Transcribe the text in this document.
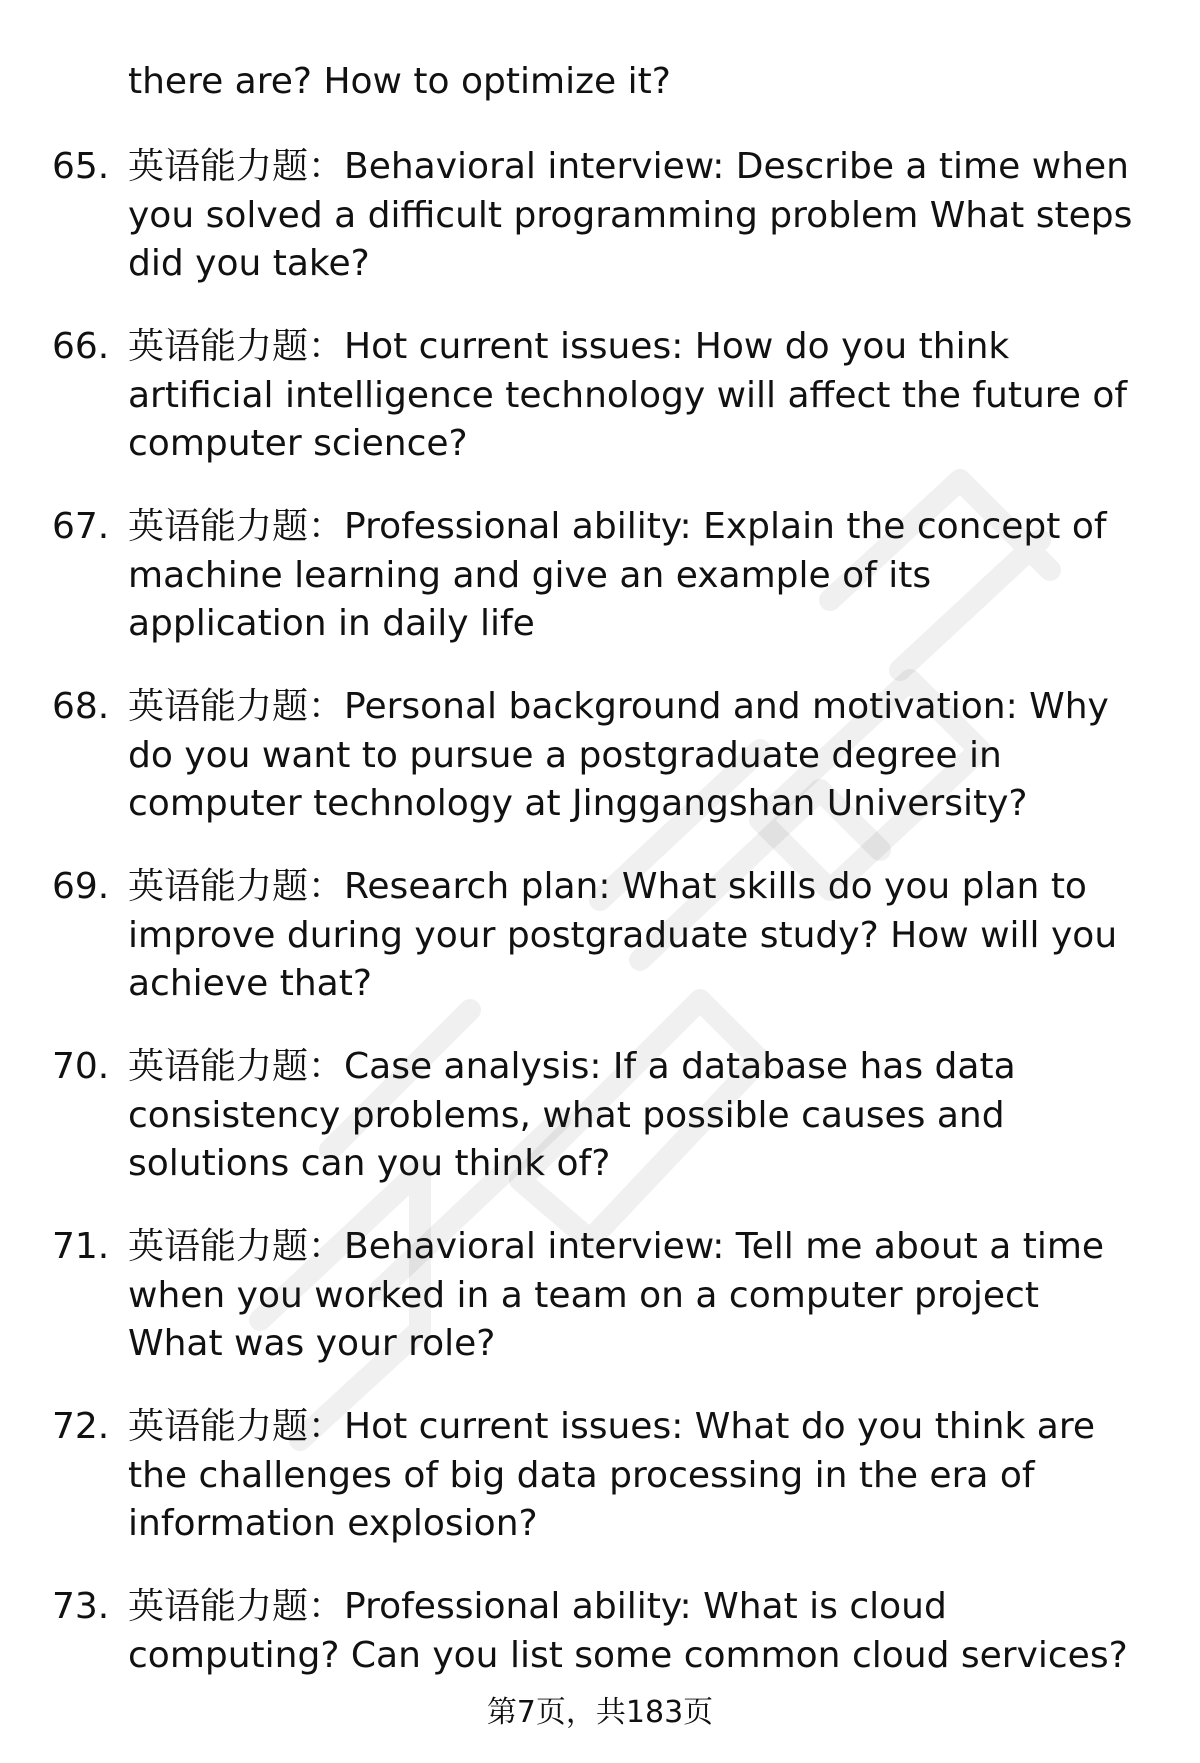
there are? How to optimize it?

65. 英语能力题：Behavioral interview: Describe a time when you solved a difficult programming problem What steps did you take?

66. 英语能力题：Hot current issues: How do you think artificial intelligence technology will affect the future of computer science?

67. 英语能力题：Professional ability: Explain the concept of machine learning and give an example of its application in daily life

68. 英语能力题：Personal background and motivation: Why do you want to pursue a postgraduate degree in computer technology at Jinggangshan University?

69. 英语能力题：Research plan: What skills do you plan to improve during your postgraduate study? How will you achieve that?

70. 英语能力题：Case analysis: If a database has data consistency problems, what possible causes and solutions can you think of?

71. 英语能力题：Behavioral interview: Tell me about a time when you worked in a team on a computer project What was your role?

72. 英语能力题：Hot current issues: What do you think are the challenges of big data processing in the era of information explosion?

73. 英语能力题：Professional ability: What is cloud computing? Can you list some common cloud services?

第7页，共183页
